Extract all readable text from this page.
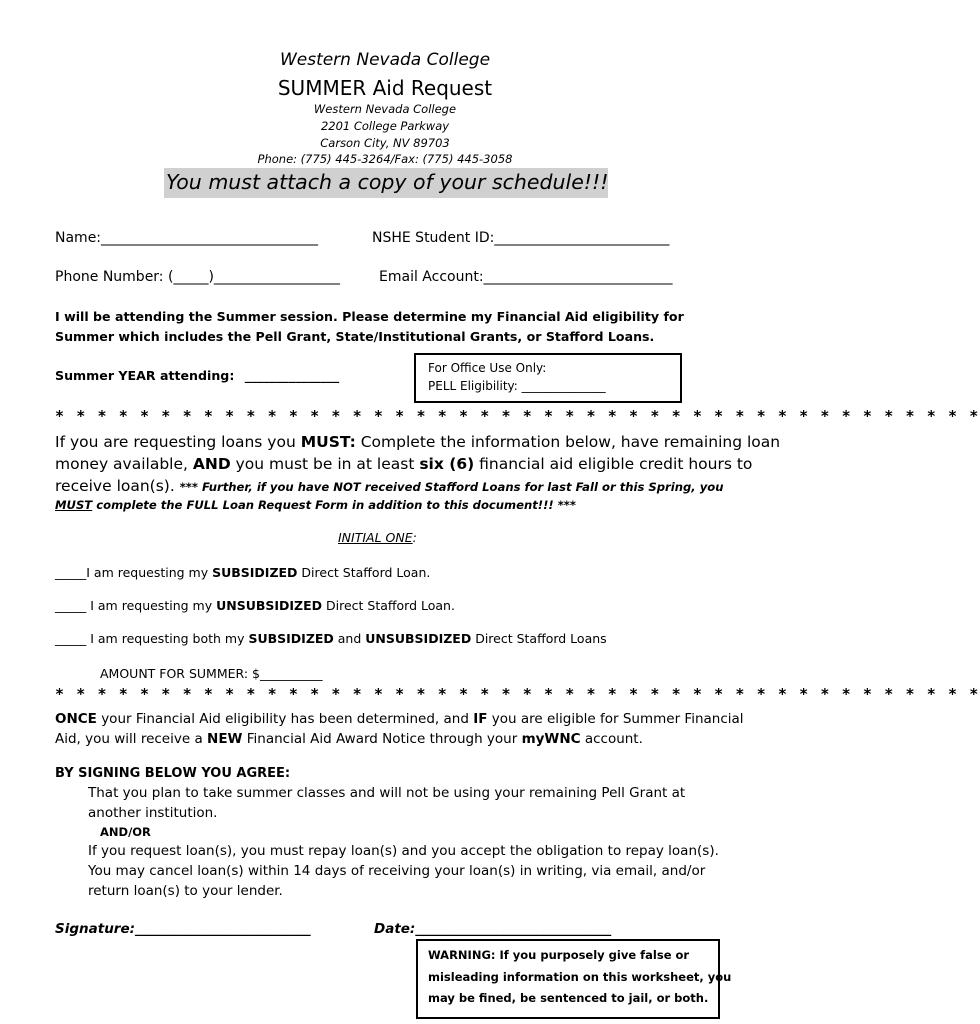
Western Nevada College
SUMMER Aid Request
Western Nevada College
2201 College Parkway
Carson City, NV 89703
Phone: (775) 445-3264/Fax: (775) 445-3058
You must attach a copy of your schedule!!!
Name:_______________________________	NSHE Student ID:_________________________
Phone Number: (_____)__________________	Email Account:___________________________
I will be attending the Summer session. Please determine my Financial Aid eligibility for
Summer which includes the Pell Grant, State/Institutional Grants, or Stafford Loans.
Summer YEAR attending: _______________	For Office Use Only:
PELL Eligibility: ______________
* * * * * * * * * * * * * * * * * * * * * * * * * * * * * * * * * * * * * * * * * * * *
If you are requesting loans you MUST: Complete the information below, have remaining loan
money available, AND you must be in at least six (6) financial aid eligible credit hours to
receive loan(s). *** Further, if you have NOT received Stafford Loans for last Fall or this Spring, you
MUST complete the FULL Loan Request Form in addition to this document!!! ***
INITIAL ONE:
_____I am requesting my SUBSIDIZED Direct Stafford Loan.
_____ I am requesting my UNSUBSIDIZED Direct Stafford Loan.
_____ I am requesting both my SUBSIDIZED and UNSUBSIDIZED Direct Stafford Loans
AMOUNT FOR SUMMER: $__________
* * * * * * * * * * * * * * * * * * * * * * * * * * * * * * * * * * * * * * * * * * * *
ONCE your Financial Aid eligibility has been determined, and IF you are eligible for Summer Financial
Aid, you will receive a NEW Financial Aid Award Notice through your myWNC account.
BY SIGNING BELOW YOU AGREE:
That you plan to take summer classes and will not be using your remaining Pell Grant at
another institution.
AND/OR
If you request loan(s), you must repay loan(s) and you accept the obligation to repay loan(s).
You may cancel loan(s) within 14 days of receiving your loan(s) in writing, via email, and/or
return loan(s) to your lender.
Signature:__________________________	Date:_____________________________
WARNING: If you purposely give false or
misleading information on this worksheet, you
may be fined, be sentenced to jail, or both.
